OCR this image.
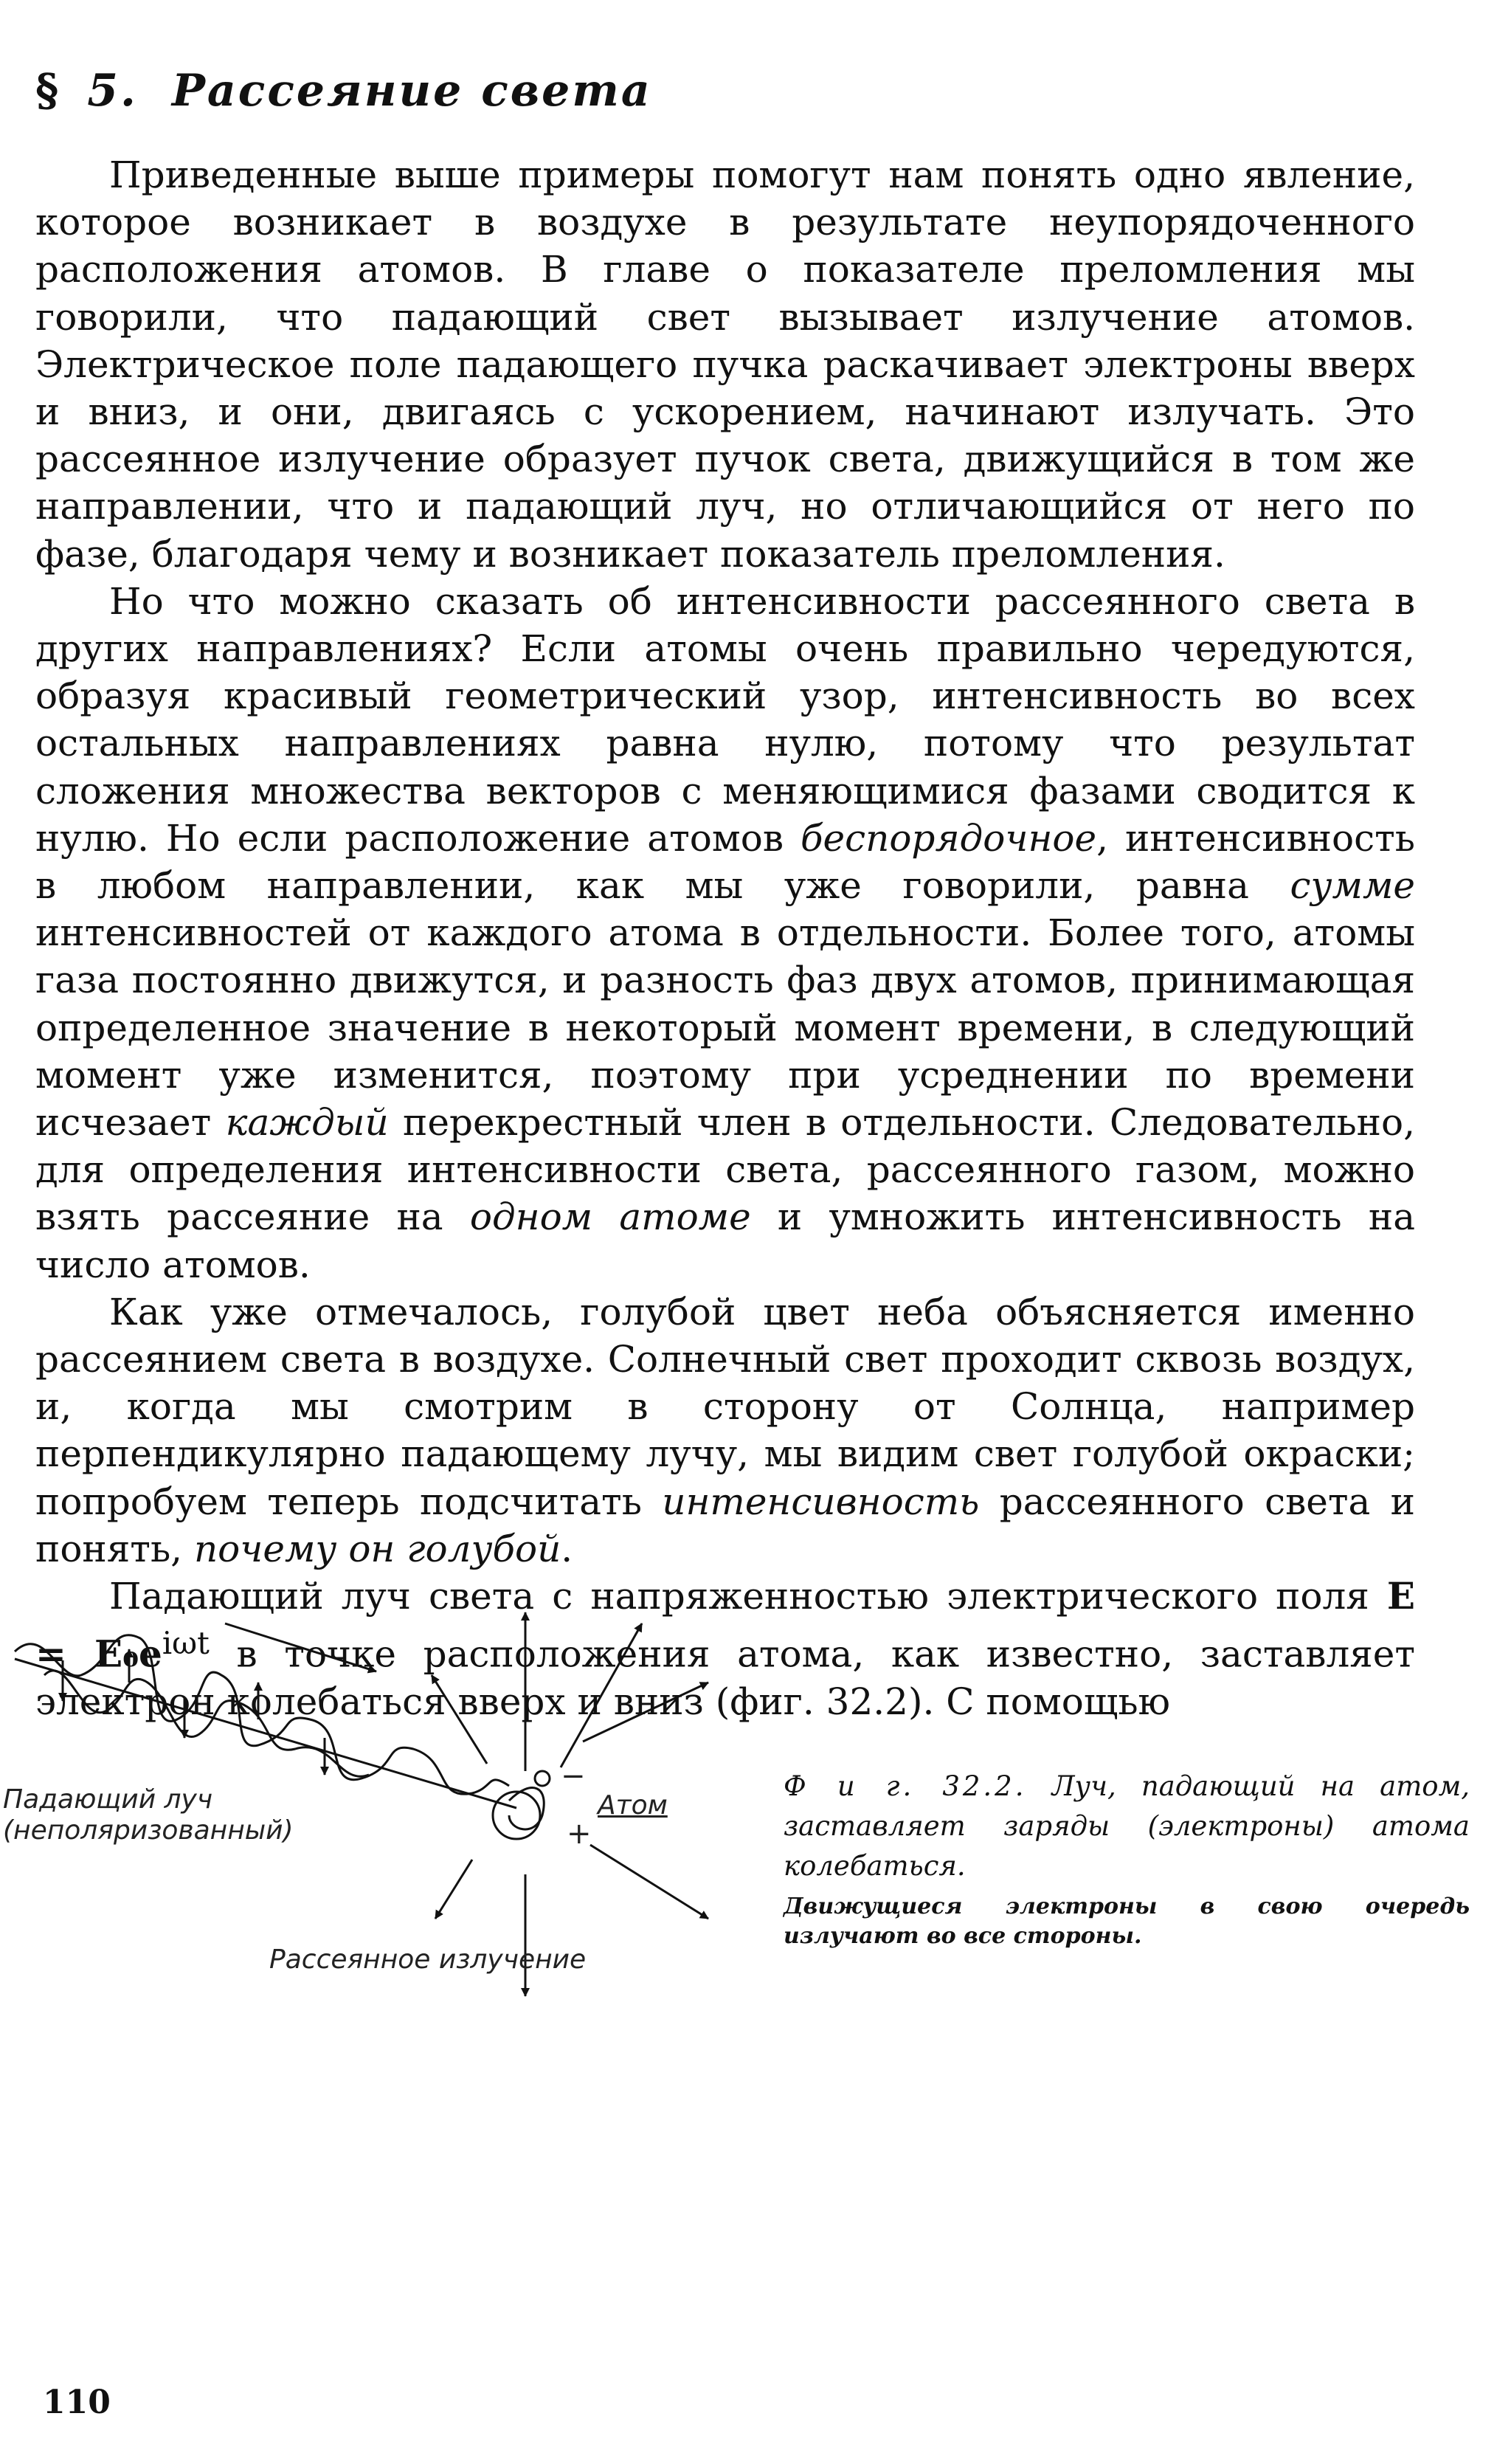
§ 5. Рассеяние света

Приведенные выше примеры помогут нам понять одно явление, которое возникает в воздухе в результате неупорядоченного расположения атомов. В главе о показателе преломления мы говорили, что падающий свет вызывает излучение атомов. Электрическое поле падающего пучка раскачивает электроны вверх и вниз, и они, двигаясь с ускорением, начинают излучать. Это рассеянное излучение образует пучок света, движущийся в том же направлении, что и падающий луч, но отличающийся от него по фазе, благодаря чему и возникает показатель преломления.

Но что можно сказать об интенсивности рассеянного света в других направлениях? Если атомы очень правильно чередуются, образуя красивый геометрический узор, интенсивность во всех остальных направлениях равна нулю, потому что результат сложения множества векторов с меняющимися фазами сводится к нулю. Но если расположение атомов беспорядочное, интенсивность в любом направлении, как мы уже говорили, равна сумме интенсивностей от каждого атома в отдельности. Более того, атомы газа постоянно движутся, и разность фаз двух атомов, принимающая определенное значение в некоторый момент времени, в следующий момент уже изменится, поэтому при усреднении по времени исчезает каждый перекрестный член в отдельности. Следовательно, для определения интенсивности света, рассеянного газом, можно взять рассеяние на одном атоме и умножить интенсивность на число атомов.

Как уже отмечалось, голубой цвет неба объясняется именно рассеянием света в воздухе. Солнечный свет проходит сквозь воздух, и, когда мы смотрим в сторону от Солнца, например перпендикулярно падающему лучу, мы видим свет голубой окраски; попробуем теперь подсчитать интенсивность рассеянного света и понять, почему он голубой.

Падающий луч света с напряженностью электрического поля $E = E_0e^{i\omega t}$ в точке расположения атома, как известно, заставляет электрон колебаться вверх и вниз (фиг. 32.2). С помощью

Падающий луч
(неполяризованный)
Атом
−
+
Рассеянное излучение

Ф и г. 32.2. Луч, падающий на атом, заставляет заряды (электроны) атома колебаться.

Движущиеся электроны в свою очередь излучают во все стороны.

110
